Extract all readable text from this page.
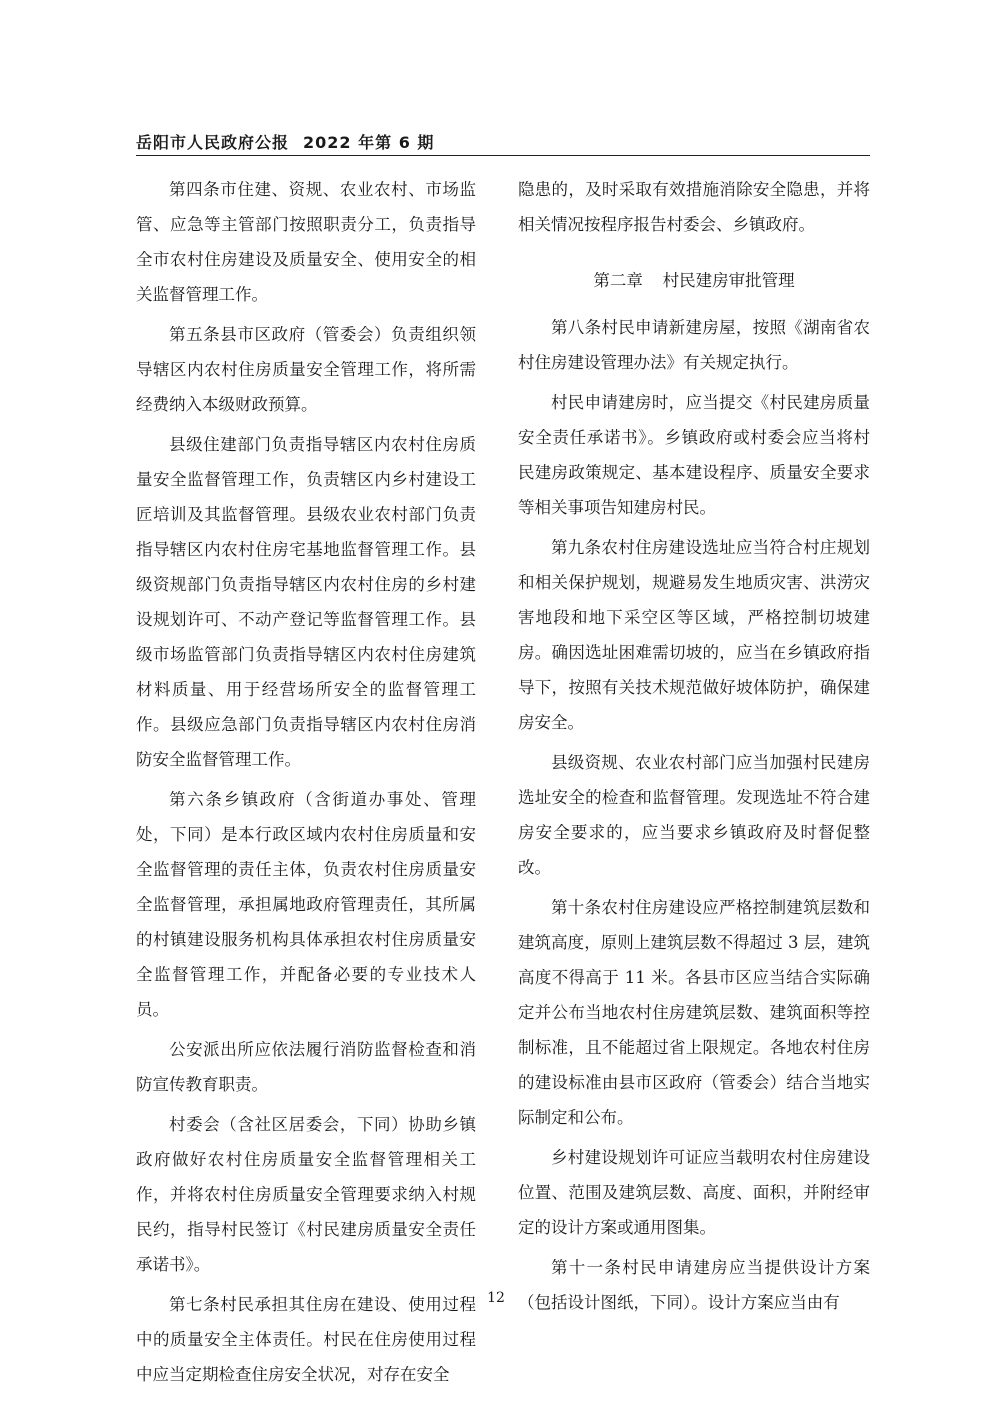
岳阳市人民政府公报 2022 年第 6 期

第四条市住建、资规、农业农村、市场监管、应急等主管部门按照职责分工，负责指导全市农村住房建设及质量安全、使用安全的相关监督管理工作。

第五条县市区政府（管委会）负责组织领导辖区内农村住房质量安全管理工作，将所需经费纳入本级财政预算。

县级住建部门负责指导辖区内农村住房质量安全监督管理工作，负责辖区内乡村建设工匠培训及其监督管理。县级农业农村部门负责指导辖区内农村住房宅基地监督管理工作。县级资规部门负责指导辖区内农村住房的乡村建设规划许可、不动产登记等监督管理工作。县级市场监管部门负责指导辖区内农村住房建筑材料质量、用于经营场所安全的监督管理工作。县级应急部门负责指导辖区内农村住房消防安全监督管理工作。

第六条乡镇政府（含街道办事处、管理处，下同）是本行政区域内农村住房质量和安全监督管理的责任主体，负责农村住房质量安全监督管理，承担属地政府管理责任，其所属的村镇建设服务机构具体承担农村住房质量安全监督管理工作，并配备必要的专业技术人员。

公安派出所应依法履行消防监督检查和消防宣传教育职责。

村委会（含社区居委会，下同）协助乡镇政府做好农村住房质量安全监督管理相关工作，并将农村住房质量安全管理要求纳入村规民约，指导村民签订《村民建房质量安全责任承诺书》。

第七条村民承担其住房在建设、使用过程中的质量安全主体责任。村民在住房使用过程中应当定期检查住房安全状况，对存在安全

隐患的，及时采取有效措施消除安全隐患，并将相关情况按程序报告村委会、乡镇政府。

第二章 村民建房审批管理

第八条村民申请新建房屋，按照《湖南省农村住房建设管理办法》有关规定执行。

村民申请建房时，应当提交《村民建房质量安全责任承诺书》。乡镇政府或村委会应当将村民建房政策规定、基本建设程序、质量安全要求等相关事项告知建房村民。

第九条农村住房建设选址应当符合村庄规划和相关保护规划，规避易发生地质灾害、洪涝灾害地段和地下采空区等区域，严格控制切坡建房。确因选址困难需切坡的，应当在乡镇政府指导下，按照有关技术规范做好坡体防护，确保建房安全。

县级资规、农业农村部门应当加强村民建房选址安全的检查和监督管理。发现选址不符合建房安全要求的，应当要求乡镇政府及时督促整改。

第十条农村住房建设应严格控制建筑层数和建筑高度，原则上建筑层数不得超过 3 层，建筑高度不得高于 11 米。各县市区应当结合实际确定并公布当地农村住房建筑层数、建筑面积等控制标准，且不能超过省上限规定。各地农村住房的建设标准由县市区政府（管委会）结合当地实际制定和公布。

乡村建设规划许可证应当载明农村住房建设位置、范围及建筑层数、高度、面积，并附经审定的设计方案或通用图集。

第十一条村民申请建房应当提供设计方案（包括设计图纸，下同）。设计方案应当由有

12
